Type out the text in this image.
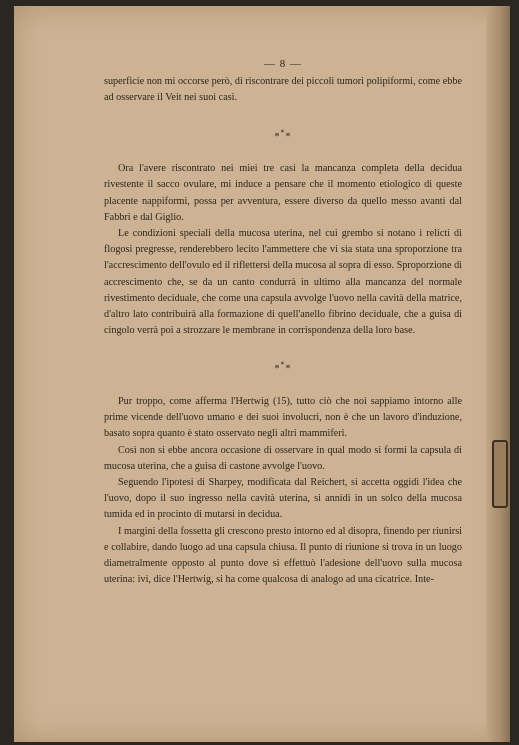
— 8 —

superficie non mi occorse però, di riscontrare dei piccoli tumori polipiformi, come ebbe ad osservare il Veit nei suoi casi.

***

Ora l'avere riscontrato nei miei tre casi la mancanza completa della decidua rivestente il sacco ovulare, mi induce a pensare che il momento etiologico di queste placente nappiformi, possa per avventura, essere diverso da quello messo avanti dal Fabbri e dal Giglio.

Le condizioni speciali della mucosa uterina, nel cui grembo si notano i relicti di flogosi pregresse, renderebbero lecito l'ammettere che vi sia stata una sproporzione tra l'accrescimento dell'ovulo ed il riflettersi della mucosa al sopra di esso. Sproporzione di accrescimento che, se da un canto condurrà in ultimo alla mancanza del normale rivestimento deciduale, che come una capsula avvolge l'uovo nella cavità della matrice, d'altro lato contribuirà alla formazione di quell'anello fibrino deciduale, che a guisa di cingolo verrà poi a strozzare le membrane in corrispondenza della loro base.

***

Pur troppo, come afferma l'Hertwig (15), tutto ciò che noi sappiamo intorno alle prime vicende dell'uovo umano e dei suoi involucri, non è che un lavoro d'induzione, basato sopra quanto è stato osservato negli altri mammiferi.

Così non si ebbe ancora occasione di osservare in qual modo si formi la capsula di mucosa uterina, che a guisa di castone avvolge l'uovo.

Seguendo l'ipotesi di Sharpey, modificata dal Reichert, si accetta oggidì l'idea che l'uovo, dopo il suo ingresso nella cavità uterina, si annidi in un solco della mucosa tumida ed in procinto di mutarsi in decidua.

I margini della fossetta gli crescono presto intorno ed al disopra, finendo per riunirsi e collabire, dando luogo ad una capsula chiusa. Il punto di riunione si trova in un luogo diametralmente opposto al punto dove si effettuò l'adesione dell'uovo sulla mucosa uterina: ivi, dice l'Hertwig, si ha come qualcosa di analogo ad una cicatrice. Inte-
